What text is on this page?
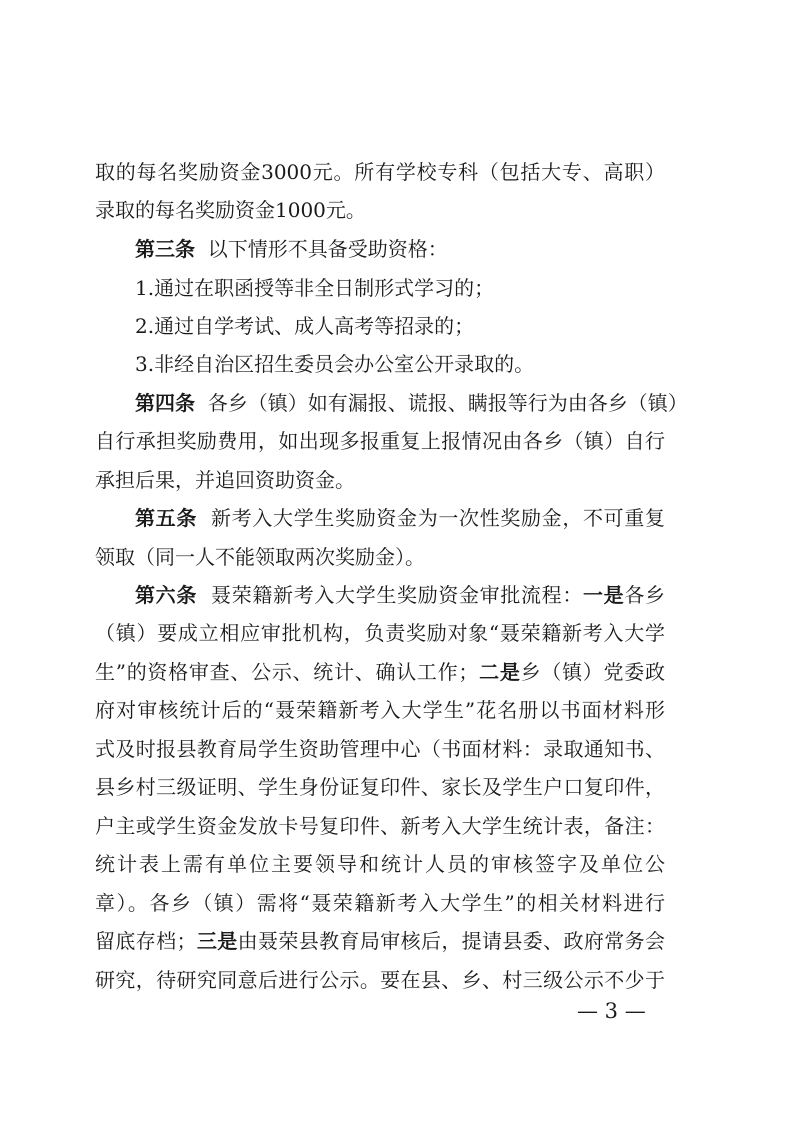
取的每名奖励资金3000元。所有学校专科（包括大专、高职）
录取的每名奖励资金1000元。
第三条 以下情形不具备受助资格：
1.通过在职函授等非全日制形式学习的；
2.通过自学考试、成人高考等招录的；
3.非经自治区招生委员会办公室公开录取的。
第四条 各乡（镇）如有漏报、谎报、瞒报等行为由各乡（镇）
自行承担奖励费用，如出现多报重复上报情况由各乡（镇）自行
承担后果，并追回资助资金。
第五条 新考入大学生奖励资金为一次性奖励金，不可重复
领取（同一人不能领取两次奖励金）。
第六条 聂荣籍新考入大学生奖励资金审批流程：一是各乡
（镇）要成立相应审批机构，负责奖励对象“聂荣籍新考入大学
生”的资格审查、公示、统计、确认工作；二是乡（镇）党委政
府对审核统计后的“聂荣籍新考入大学生”花名册以书面材料形
式及时报县教育局学生资助管理中心（书面材料：录取通知书、
县乡村三级证明、学生身份证复印件、家长及学生户口复印件，
户主或学生资金发放卡号复印件、新考入大学生统计表，备注：
统计表上需有单位主要领导和统计人员的审核签字及单位公
章）。各乡（镇）需将“聂荣籍新考入大学生”的相关材料进行
留底存档；三是由聂荣县教育局审核后，提请县委、政府常务会
研究，待研究同意后进行公示。要在县、乡、村三级公示不少于
— 3 —
